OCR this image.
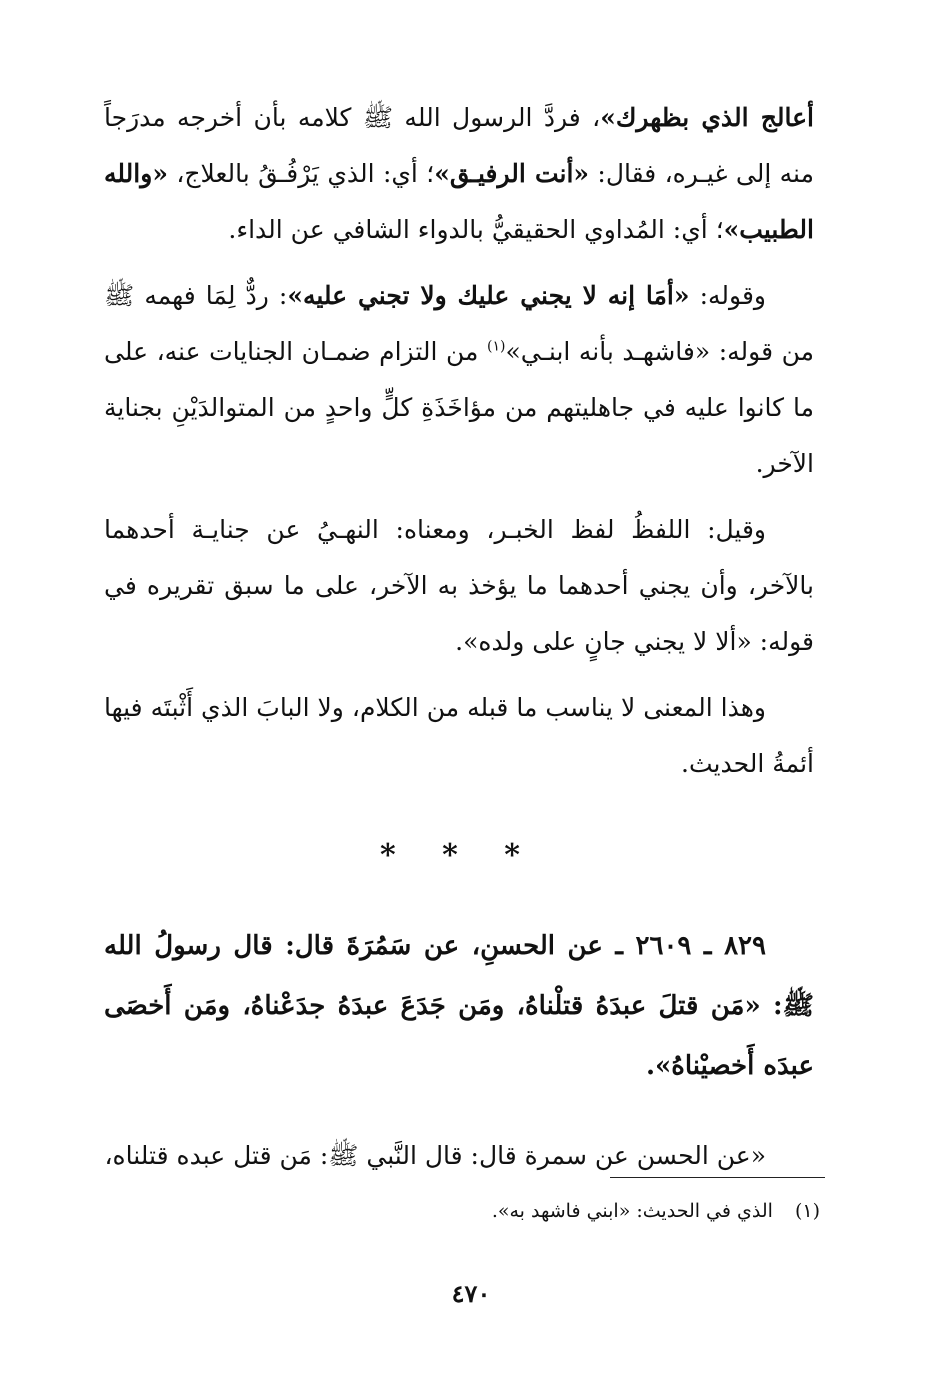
أعالج الذي بظهرك»، فردَّ الرسول الله ﷺ كلامه بأن أخرجه مدرَجاً منه إلى غيـره، فقال: «أنت الرفيـق»؛ أي: الذي يَرْفُـقُ بالعلاج، «والله الطبيب»؛ أي: المُداوي الحقيقيُّ بالدواء الشافي عن الداء.

وقوله: «أمَا إنه لا يجني عليك ولا تجني عليه»: ردٌّ لِمَا فهمه ﷺ من قوله: «فاشهـد بأنه ابنـي»$^{(١)}$ من التزام ضمـان الجنايات عنه، على ما كانوا عليه في جاهليتهم من مؤاخَذَةِ كلٍّ واحدٍ من المتوالدَيْنِ بجناية الآخر.

وقيل: اللفظُ لفظ الخبـر، ومعناه: النهـيُ عن جنايـة أحدهما بالآخر، وأن يجني أحدهما ما يؤخذ به الآخر، على ما سبق تقريره في قوله: «ألا لا يجني جانٍ على ولده».

وهذا المعنى لا يناسب ما قبله من الكلام، ولا البابَ الذي أَثْبتَه فيها أئمةُ الحديث.

* * *

٨٢٩ ـ ٢٦٠٩ ـ عن الحسنِ، عن سَمُرَةَ قال: قال رسولُ الله ﷺ: «مَن قتلَ عبدَهُ قتلْناهُ، ومَن جَدَعَ عبدَهُ جدَعْناهُ، ومَن أَخصَى عبدَه أَخصيْناهُ».

«عن الحسن عن سمرة قال: قال النَّبي ﷺ: مَن قتل عبده قتلناه،

(١)الذي في الحديث: «ابني فاشهد به».
٤٧٠
